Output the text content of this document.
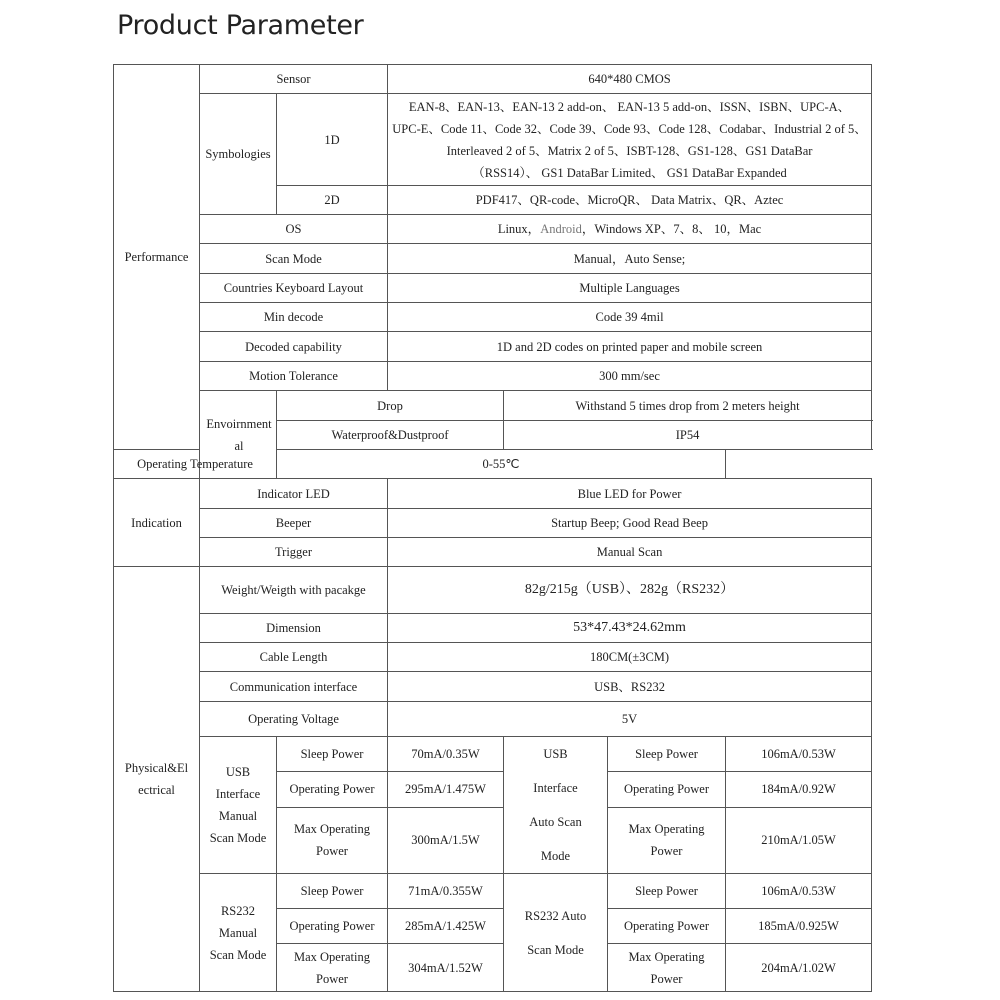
Product Parameter
Performance	Sensor		640*480 CMOS			
	Symbologies	1D	EAN-8、EAN-13、EAN-13 2 add-on、 EAN-13 5 add-on、ISSN、ISBN、UPC-A、
UPC-E、Code 11、Code 32、Code 39、Code 93、Code 128、Codabar、Industrial 2 of 5、
Interleaved 2 of 5、Matrix 2 of 5、ISBT-128、GS1-128、GS1 DataBar
（RSS14）、 GS1 DataBar Limited、 GS1 DataBar Expanded			

		2D	PDF417、QR-code、MicroQR、 Data Matrix、QR、Aztec			
	OS		Linux，Android，Windows XP、7、8、 10，Mac			
	Scan Mode		Manual，Auto Sense;			
	Countries Keyboard Layout		Multiple Languages			
	Min decode		Code 39 4mil			
	Decoded capability		1D and 2D codes on printed paper and mobile screen			
	Motion Tolerance		300 mm/sec			

	Envoirnment al	Drop		Withstand 5 times drop from 2 meters height		
		Waterproof&Dustproof		IP54		
Operating Temperature		0-55℃				
Indication	Indicator LED		Blue LED for Power			
	Beeper		Startup Beep; Good Read Beep			
	Trigger		Manual Scan			

Physical&El ectrical	Weight/Weigth with pacakge		82g/215g（USB）、282g（RS232）			
	Dimension		53*47.43*24.62mm			
	Cable Length		180CM(±3CM)			
	Communication interface		USB、RS232			
	Operating Voltage		5V			

	USB Interface Manual Scan Mode	Sleep Power	70mA/0.35W	USB Interface Auto Scan Mode	Sleep Power	106mA/0.53W
		Operating Power	295mA/1.475W		Operating Power	184mA/0.92W

		Max Operating Power	300mA/1.5W		Max Operating Power	210mA/1.05W

	RS232 Manual Scan Mode	Sleep Power	71mA/0.355W	RS232 Auto Scan Mode	Sleep Power	106mA/0.53W
		Operating Power	285mA/1.425W		Operating Power	185mA/0.925W

		Max Operating Power	304mA/1.52W		Max Operating Power	204mA/1.02W
